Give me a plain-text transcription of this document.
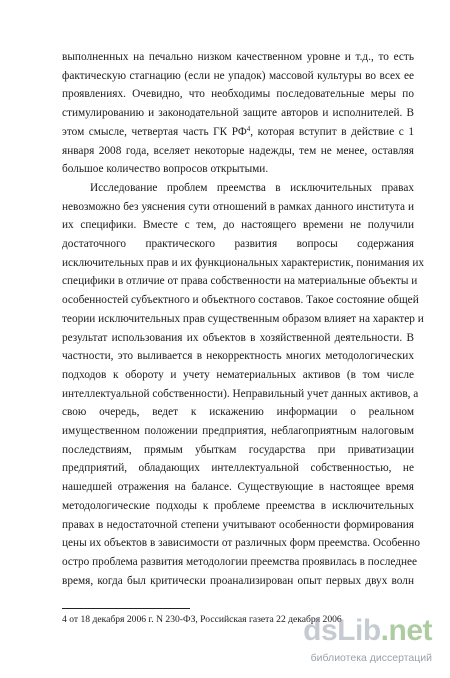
выполненных на печально низком качественном уровне и т.д., то есть
фактическую стагнацию (если не упадок) массовой культуры во всех ее
проявлениях. Очевидно, что необходимы последовательные меры по
стимулированию и законодательной защите авторов и исполнителей. В
этом смысле, четвертая часть ГК $РФ^4$, которая вступит в действие с 1
января 2008 года, вселяет некоторые надежды, тем не менее, оставляя
большое количество вопросов открытыми.

Исследование проблем преемства в исключительных правах
невозможно без уяснения сути отношений в рамках данного института и
их специфики. Вместе с тем, до настоящего времени не получили
достаточного практического развития вопросы содержания
исключительных прав и их функциональных характеристик, понимания их
специфики в отличие от права собственности на материальные объекты и
особенностей субъектного и объектного составов. Такое состояние общей
теории исключительных прав существенным образом влияет на характер и
результат использования их объектов в хозяйственной деятельности. В
частности, это выливается в некорректность многих методологических
подходов к обороту и учету нематериальных активов (в том числе
интеллектуальной собственности). Неправильный учет данных активов, а
свою очередь, ведет к искажению информации о реальном
имущественном положении предприятия, неблагоприятным налоговым
последствиям, прямым убыткам государства при приватизации
предприятий, обладающих интеллектуальной собственностью, не
нашедшей отражения на балансе. Существующие в настоящее время
методологические подходы к проблеме преемства в исключительных
правах в недостаточной степени учитывают особенности формирования
цены их объектов в зависимости от различных форм преемства. Особенно
остро проблема развития методологии преемства проявилась в последнее
время, когда был критически проанализирован опыт первых двух волн

4 от 18 декабря 2006 г. N 230-ФЗ, Российская газета 22 декабря 2006
dsLib.net
библиотека диссертаций
